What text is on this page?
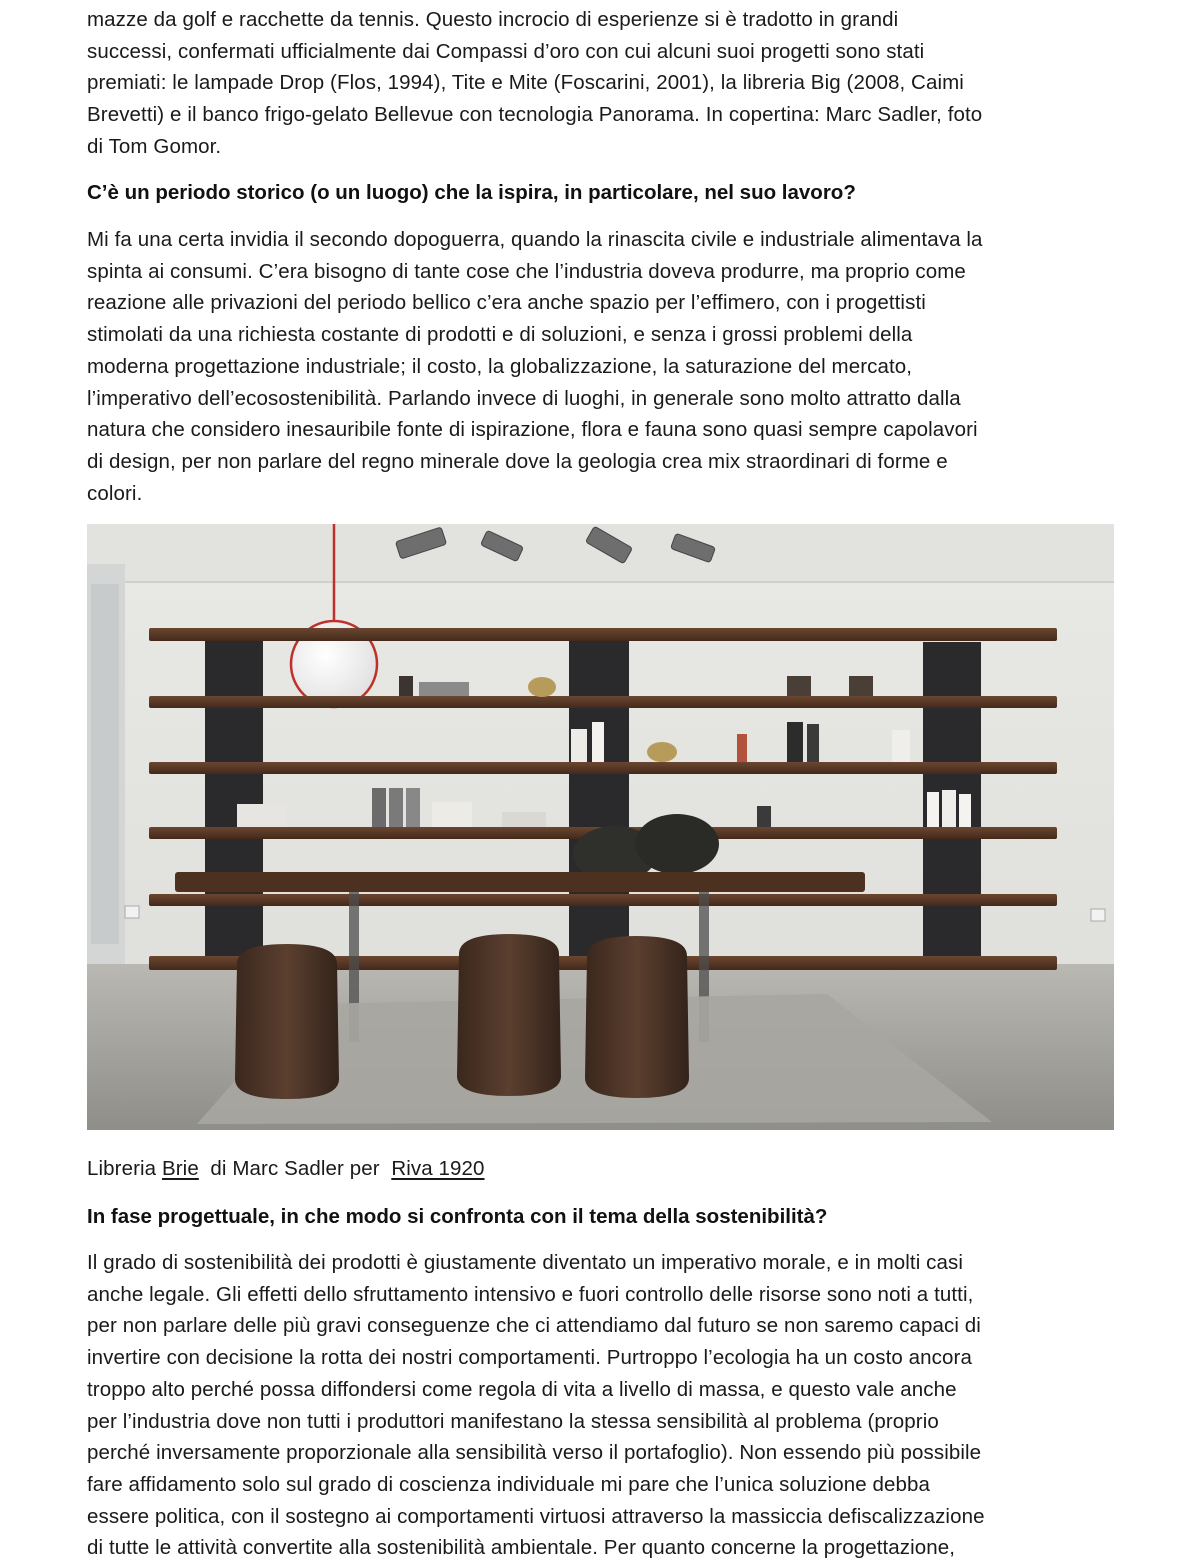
mazze da golf e racchette da tennis. Questo incrocio di esperienze si è tradotto in grandi

successi, confermati ufficialmente dai Compassi d’oro con cui alcuni suoi progetti sono stati

premiati: le lampade Drop (Flos, 1994), Tite e Mite (Foscarini, 2001), la libreria Big (2008, Caimi

Brevetti) e il banco frigo-gelato Bellevue con tecnologia Panorama. In copertina: Marc Sadler, foto

di Tom Gomor.

C’è un periodo storico (o un luogo) che la ispira, in particolare, nel suo lavoro?

Mi fa una certa invidia il secondo dopoguerra, quando la rinascita civile e industriale alimentava la

spinta ai consumi. C’era bisogno di tante cose che l’industria doveva produrre, ma proprio come

reazione alle privazioni del periodo bellico c’era anche spazio per l’effimero, con i progettisti

stimolati da una richiesta costante di prodotti e di soluzioni, e senza i grossi problemi della

moderna progettazione industriale; il costo, la globalizzazione, la saturazione del mercato,

l’imperativo dell’ecosostenibilità. Parlando invece di luoghi, in generale sono molto attratto dalla

natura che considero inesauribile fonte di ispirazione, flora e fauna sono quasi sempre capolavori

di design, per non parlare del regno minerale dove la geologia crea mix straordinari di forme e

colori.

Libreria Brie di Marc Sadler per Riva 1920

In fase progettuale, in che modo si confronta con il tema della sostenibilità?

Il grado di sostenibilità dei prodotti è giustamente diventato un imperativo morale, e in molti casi

anche legale. Gli effetti dello sfruttamento intensivo e fuori controllo delle risorse sono noti a tutti,

per non parlare delle più gravi conseguenze che ci attendiamo dal futuro se non saremo capaci di

invertire con decisione la rotta dei nostri comportamenti. Purtroppo l’ecologia ha un costo ancora

troppo alto perché possa diffondersi come regola di vita a livello di massa, e questo vale anche

per l’industria dove non tutti i produttori manifestano la stessa sensibilità al problema (proprio

perché inversamente proporzionale alla sensibilità verso il portafoglio). Non essendo più possibile

fare affidamento solo sul grado di coscienza individuale mi pare che l’unica soluzione debba

essere politica, con il sostegno ai comportamenti virtuosi attraverso la massiccia defiscalizzazione

di tutte le attività convertite alla sostenibilità ambientale. Per quanto concerne la progettazione,
